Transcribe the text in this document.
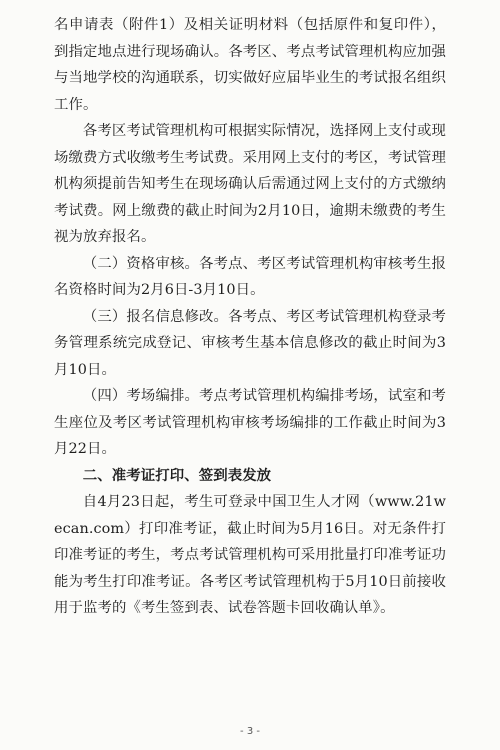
名申请表（附件1）及相关证明材料（包括原件和复印件），到指定地点进行现场确认。各考区、考点考试管理机构应加强与当地学校的沟通联系，切实做好应届毕业生的考试报名组织工作。

各考区考试管理机构可根据实际情况，选择网上支付或现场缴费方式收缴考生考试费。采用网上支付的考区，考试管理机构须提前告知考生在现场确认后需通过网上支付的方式缴纳考试费。网上缴费的截止时间为2月10日，逾期未缴费的考生视为放弃报名。

（二）资格审核。各考点、考区考试管理机构审核考生报名资格时间为2月6日-3月10日。

（三）报名信息修改。各考点、考区考试管理机构登录考务管理系统完成登记、审核考生基本信息修改的截止时间为3月10日。

（四）考场编排。考点考试管理机构编排考场，试室和考生座位及考区考试管理机构审核考场编排的工作截止时间为3月22日。

二、准考证打印、签到表发放

自4月23日起，考生可登录中国卫生人才网（www.21wecan.com）打印准考证，截止时间为5月16日。对无条件打印准考证的考生，考点考试管理机构可采用批量打印准考证功能为考生打印准考证。各考区考试管理机构于5月10日前接收用于监考的《考生签到表、试卷答题卡回收确认单》。

- 3 -
